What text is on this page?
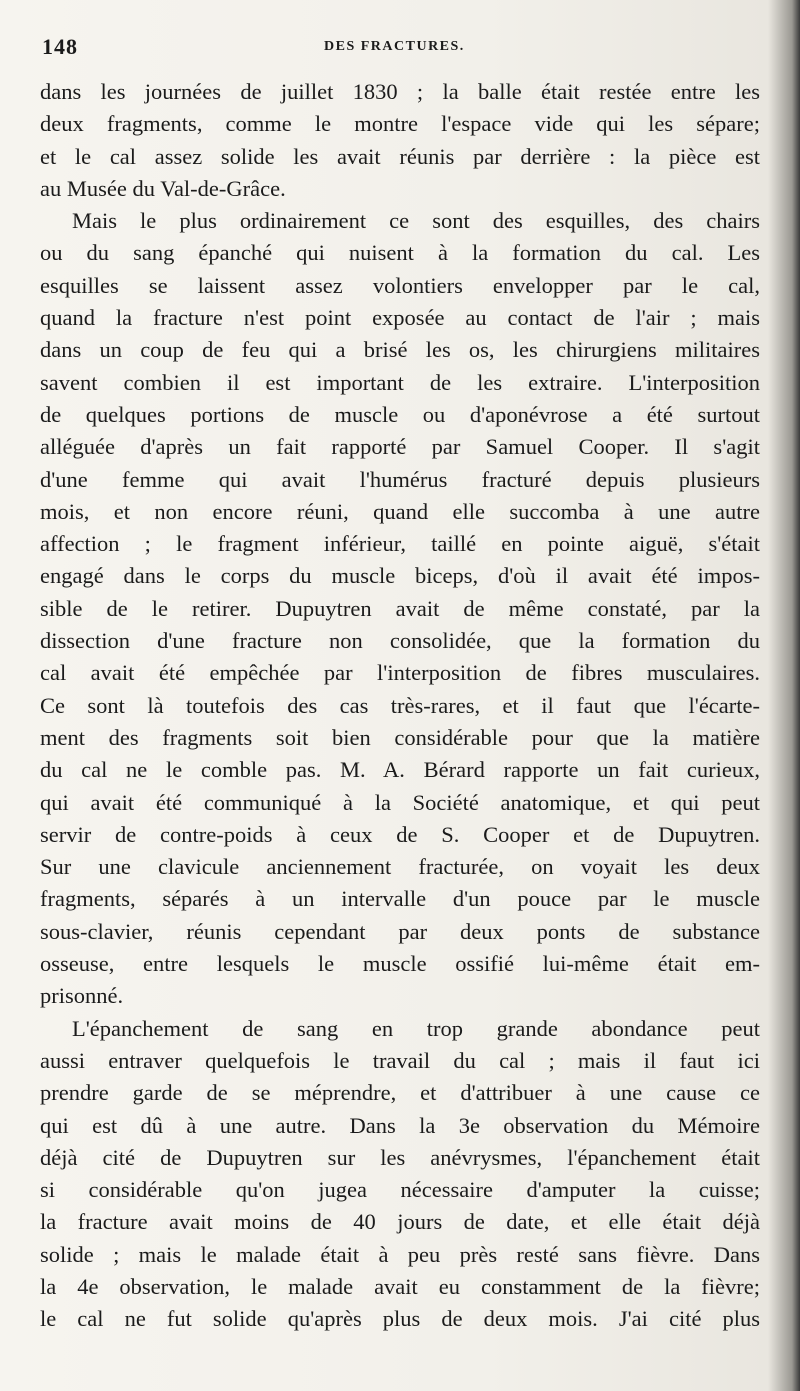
148	DES FRACTURES.
dans les journées de juillet 1830 ; la balle était restée entre les
deux fragments, comme le montre l'espace vide qui les sépare;
et le cal assez solide les avait réunis par derrière : la pièce est
au Musée du Val-de-Grâce.
Mais le plus ordinairement ce sont des esquilles, des chairs
ou du sang épanché qui nuisent à la formation du cal. Les
esquilles se laissent assez volontiers envelopper par le cal,
quand la fracture n'est point exposée au contact de l'air ; mais
dans un coup de feu qui a brisé les os, les chirurgiens militaires
savent combien il est important de les extraire. L'interposition
de quelques portions de muscle ou d'aponévrose a été surtout
alléguée d'après un fait rapporté par Samuel Cooper. Il s'agit
d'une femme qui avait l'humérus fracturé depuis plusieurs
mois, et non encore réuni, quand elle succomba à une autre
affection ; le fragment inférieur, taillé en pointe aiguë, s'était
engagé dans le corps du muscle biceps, d'où il avait été impos-
sible de le retirer. Dupuytren avait de même constaté, par la
dissection d'une fracture non consolidée, que la formation du
cal avait été empêchée par l'interposition de fibres musculaires.
Ce sont là toutefois des cas très-rares, et il faut que l'écarte-
ment des fragments soit bien considérable pour que la matière
du cal ne le comble pas. M. A. Bérard rapporte un fait curieux,
qui avait été communiqué à la Société anatomique, et qui peut
servir de contre-poids à ceux de S. Cooper et de Dupuytren.
Sur une clavicule anciennement fracturée, on voyait les deux
fragments, séparés à un intervalle d'un pouce par le muscle
sous-clavier, réunis cependant par deux ponts de substance
osseuse, entre lesquels le muscle ossifié lui-même était em-
prisonné.
L'épanchement de sang en trop grande abondance peut
aussi entraver quelquefois le travail du cal ; mais il faut ici
prendre garde de se méprendre, et d'attribuer à une cause ce
qui est dû à une autre. Dans la 3e observation du Mémoire
déjà cité de Dupuytren sur les anévrysmes, l'épanchement était
si considérable qu'on jugea nécessaire d'amputer la cuisse;
la fracture avait moins de 40 jours de date, et elle était déjà
solide ; mais le malade était à peu près resté sans fièvre. Dans
la 4e observation, le malade avait eu constamment de la fièvre;
le cal ne fut solide qu'après plus de deux mois. J'ai cité plus
